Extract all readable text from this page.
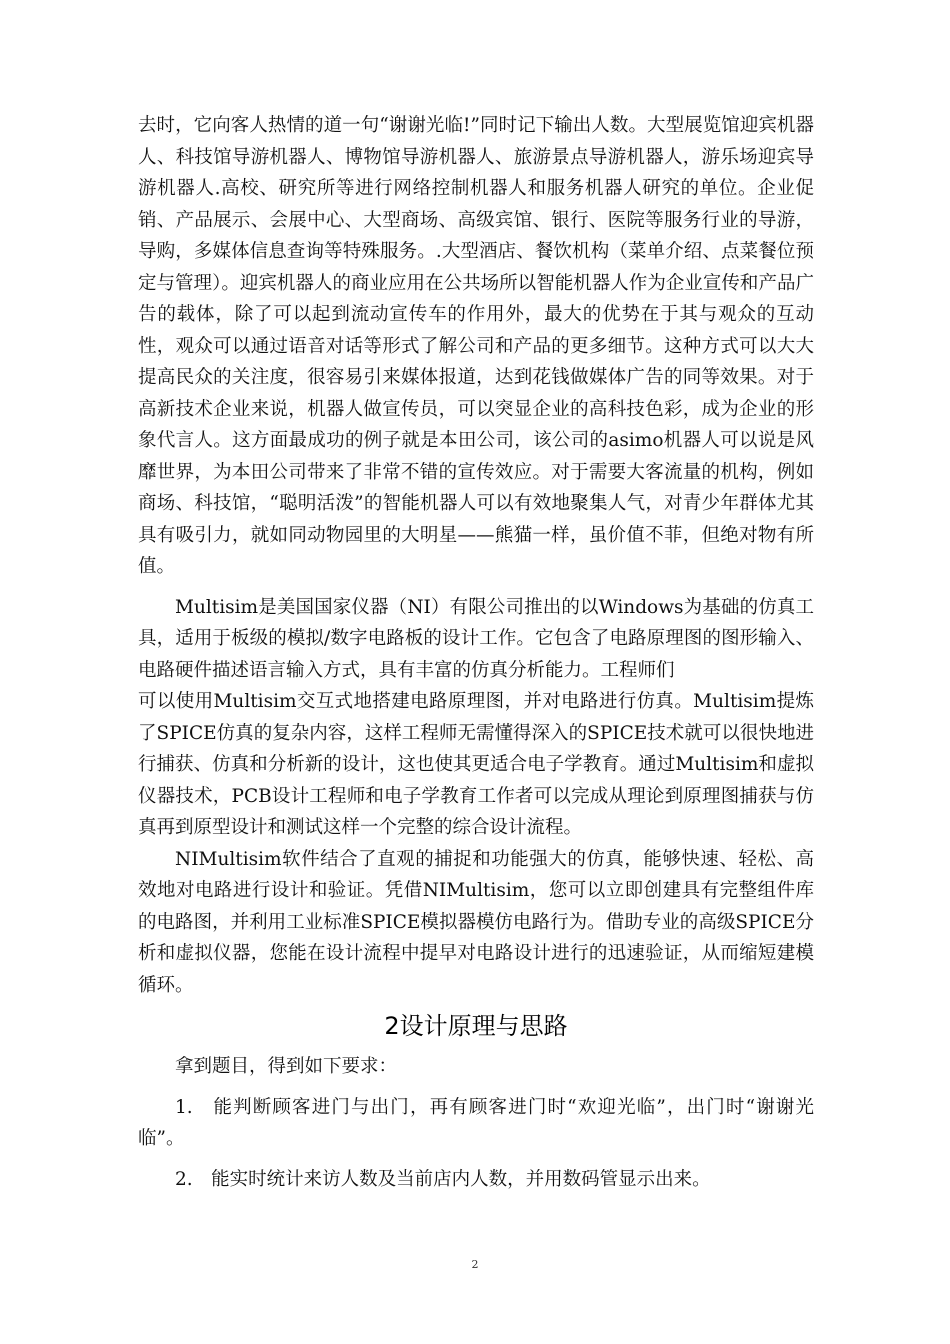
去时，它向客人热情的道一句“谢谢光临!”同时记下输出人数。大型展览馆迎宾机器人、科技馆导游机器人、博物馆导游机器人、旅游景点导游机器人，游乐场迎宾导游机器人.高校、研究所等进行网络控制机器人和服务机器人研究的单位。企业促销、产品展示、会展中心、大型商场、高级宾馆、银行、医院等服务行业的导游，导购，多媒体信息查询等特殊服务。.大型酒店、餐饮机构（菜单介绍、点菜餐位预定与管理）。迎宾机器人的商业应用在公共场所以智能机器人作为企业宣传和产品广告的载体，除了可以起到流动宣传车的作用外，最大的优势在于其与观众的互动性，观众可以通过语音对话等形式了解公司和产品的更多细节。这种方式可以大大提高民众的关注度，很容易引来媒体报道，达到花钱做媒体广告的同等效果。对于高新技术企业来说，机器人做宣传员，可以突显企业的高科技色彩，成为企业的形象代言人。这方面最成功的例子就是本田公司，该公司的asimo机器人可以说是风靡世界，为本田公司带来了非常不错的宣传效应。对于需要大客流量的机构，例如商场、科技馆，“聪明活泼”的智能机器人可以有效地聚集人气，对青少年群体尤其具有吸引力，就如同动物园里的大明星——熊猫一样，虽价值不菲，但绝对物有所值。

Multisim是美国国家仪器（NI）有限公司推出的以Windows为基础的仿真工具，适用于板级的模拟/数字电路板的设计工作。它包含了电路原理图的图形输入、电路硬件描述语言输入方式，具有丰富的仿真分析能力。工程师们

可以使用Multisim交互式地搭建电路原理图，并对电路进行仿真。Multisim提炼了SPICE仿真的复杂内容，这样工程师无需懂得深入的SPICE技术就可以很快地进行捕获、仿真和分析新的设计，这也使其更适合电子学教育。通过Multisim和虚拟仪器技术，PCB设计工程师和电子学教育工作者可以完成从理论到原理图捕获与仿真再到原型设计和测试这样一个完整的综合设计流程。

NIMultisim软件结合了直观的捕捉和功能强大的仿真，能够快速、轻松、高效地对电路进行设计和验证。凭借NIMultisim，您可以立即创建具有完整组件库的电路图，并利用工业标准SPICE模拟器模仿电路行为。借助专业的高级SPICE分析和虚拟仪器，您能在设计流程中提早对电路设计进行的迅速验证，从而缩短建模循环。

2设计原理与思路

拿到题目，得到如下要求：

1.　能判断顾客进门与出门，再有顾客进门时“欢迎光临”，出门时“谢谢光临”。

2.　能实时统计来访人数及当前店内人数，并用数码管显示出来。

2
